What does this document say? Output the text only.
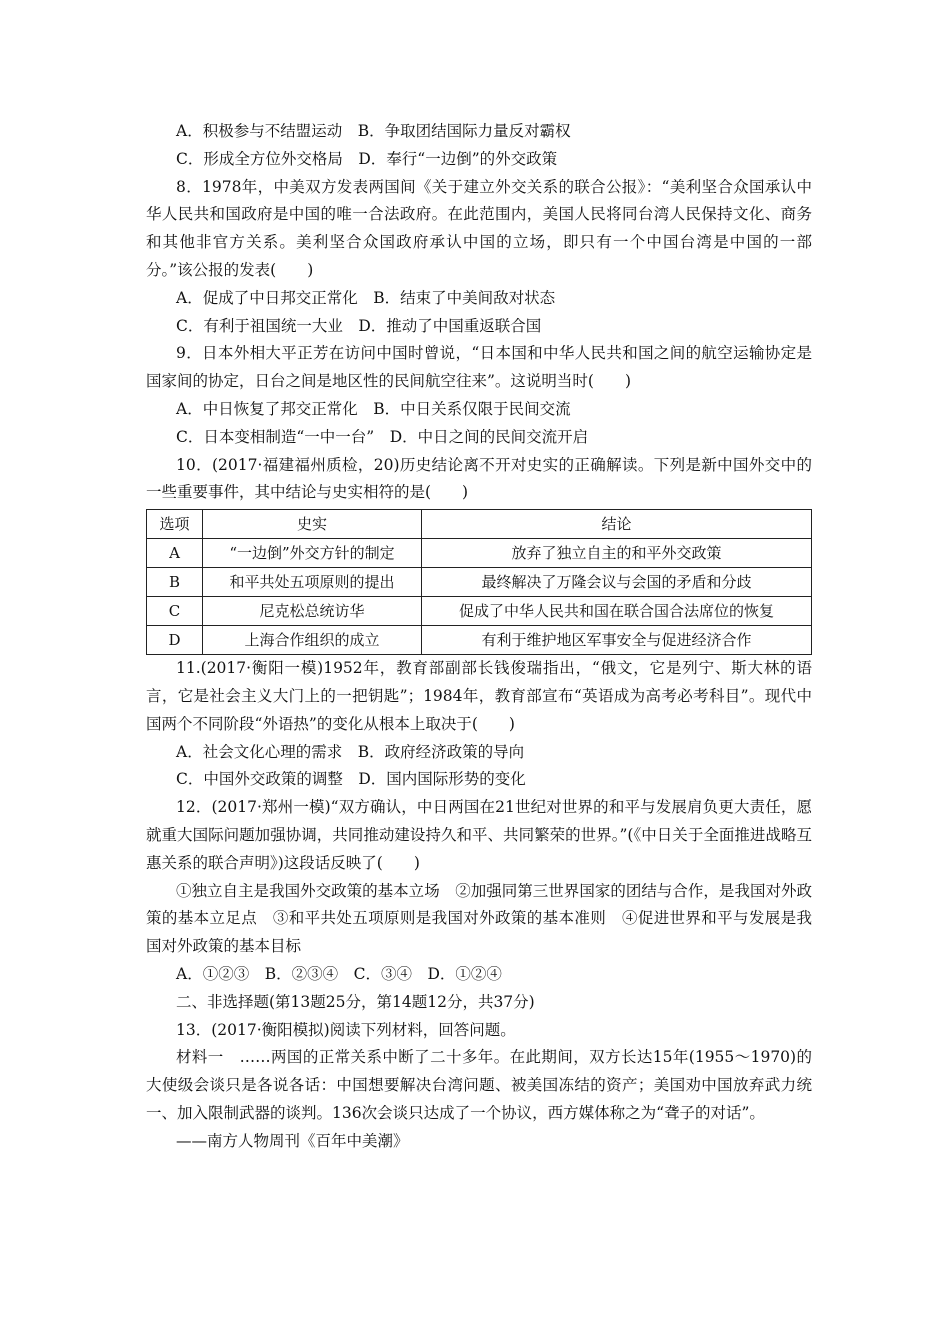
A．积极参与不结盟运动　B．争取团结国际力量反对霸权
C．形成全方位外交格局　D．奉行“一边倒”的外交政策
8．1978年，中美双方发表两国间《关于建立外交关系的联合公报》：“美利坚合众国承认中华人民共和国政府是中国的唯一合法政府。在此范围内，美国人民将同台湾人民保持文化、商务和其他非官方关系。美利坚合众国政府承认中国的立场，即只有一个中国台湾是中国的一部分。”该公报的发表(　　)
A．促成了中日邦交正常化　B．结束了中美间敌对状态
C．有利于祖国统一大业　D．推动了中国重返联合国
9．日本外相大平正芳在访问中国时曾说，“日本国和中华人民共和国之间的航空运输协定是国家间的协定，日台之间是地区性的民间航空往来”。这说明当时(　　)
A．中日恢复了邦交正常化　B．中日关系仅限于民间交流
C．日本变相制造“一中一台”　D．中日之间的民间交流开启
10．(2017·福建福州质检，20)历史结论离不开对史实的正确解读。下列是新中国外交中的一些重要事件，其中结论与史实相符的是(　　)
选项	史实	结论
A	“一边倒”外交方针的制定	放弃了独立自主的和平外交政策
B	和平共处五项原则的提出	最终解决了万隆会议与会国的矛盾和分歧
C	尼克松总统访华	促成了中华人民共和国在联合国合法席位的恢复
D	上海合作组织的成立	有利于维护地区军事安全与促进经济合作
11.(2017·衡阳一模)1952年，教育部副部长钱俊瑞指出，“俄文，它是列宁、斯大林的语言，它是社会主义大门上的一把钥匙”；1984年，教育部宣布“英语成为高考必考科目”。现代中国两个不同阶段“外语热”的变化从根本上取决于(　　)
A．社会文化心理的需求　B．政府经济政策的导向
C．中国外交政策的调整　D．国内国际形势的变化
12．(2017·郑州一模)“双方确认，中日两国在21世纪对世界的和平与发展肩负更大责任，愿就重大国际问题加强协调，共同推动建设持久和平、共同繁荣的世界。”(《中日关于全面推进战略互惠关系的联合声明》)这段话反映了(　　)
①独立自主是我国外交政策的基本立场　②加强同第三世界国家的团结与合作，是我国对外政策的基本立足点　③和平共处五项原则是我国对外政策的基本准则　④促进世界和平与发展是我国对外政策的基本目标
A．①②③　B．②③④　C．③④　D．①②④
二、非选择题(第13题25分，第14题12分，共37分)
13．(2017·衡阳模拟)阅读下列材料，回答问题。
材料一　……两国的正常关系中断了二十多年。在此期间，双方长达15年(1955～1970)的大使级会谈只是各说各话：中国想要解决台湾问题、被美国冻结的资产；美国劝中国放弃武力统一、加入限制武器的谈判。136次会谈只达成了一个协议，西方媒体称之为“聋子的对话”。
——南方人物周刊《百年中美潮》
